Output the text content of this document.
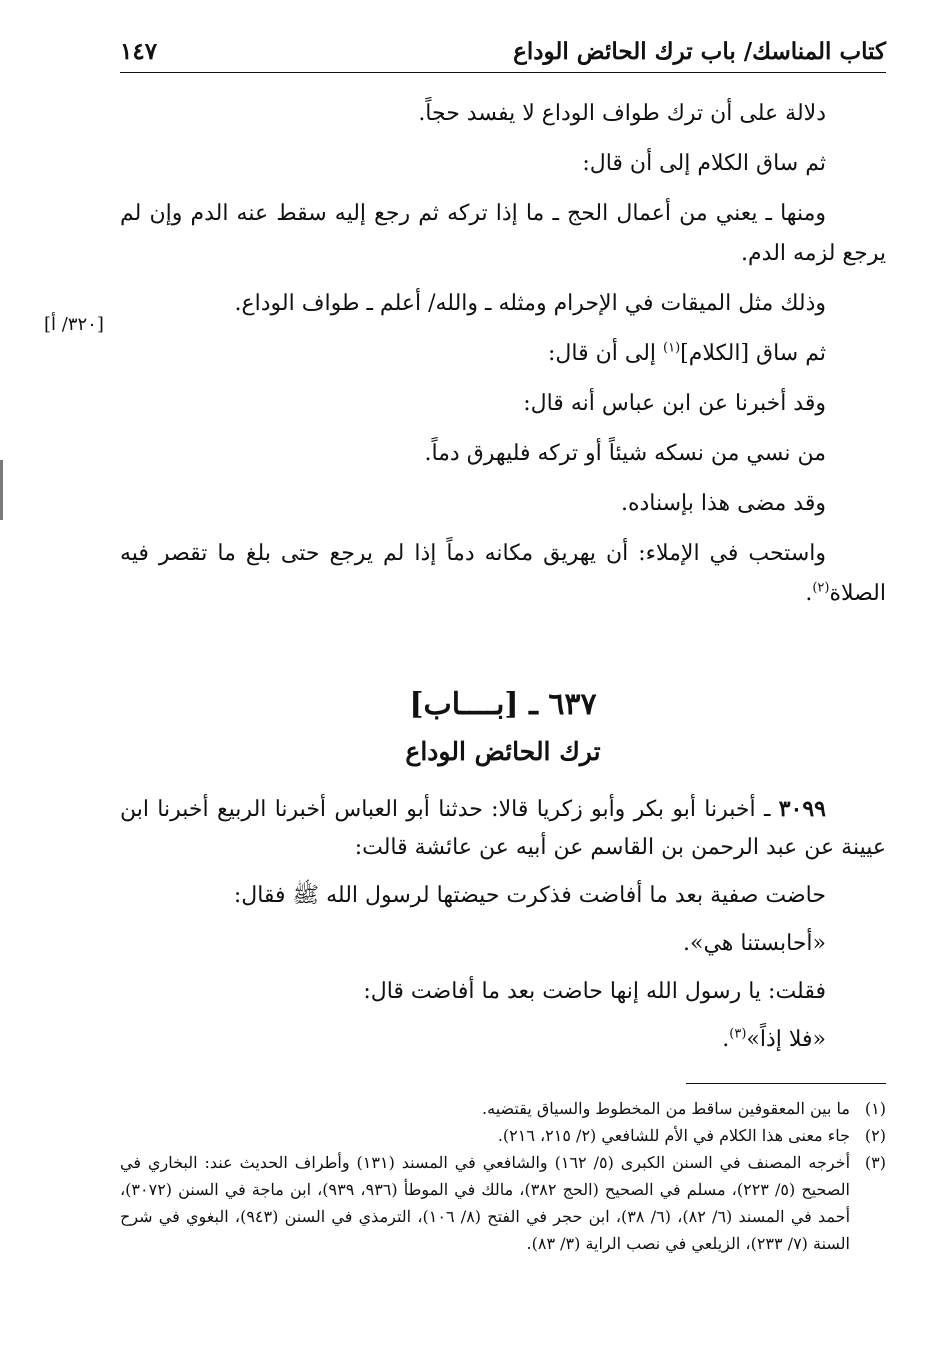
كتاب المناسك/ باب ترك الحائض الوداع
١٤٧
[٣٢٠/ أ]

دلالة على أن ترك طواف الوداع لا يفسد حجاً.

ثم ساق الكلام إلى أن قال:

ومنها ـ يعني من أعمال الحج ـ ما إذا تركه ثم رجع إليه سقط عنه الدم وإن لم يرجع لزمه الدم.

وذلك مثل الميقات في الإحرام ومثله ـ والله/ أعلم ـ طواف الوداع.

ثم ساق [الكلام]$^{(١)}$ إلى أن قال:

وقد أخبرنا عن ابن عباس أنه قال:

من نسي من نسكه شيئاً أو تركه فليهرق دماً.

وقد مضى هذا بإسناده.

واستحب في الإملاء: أن يهريق مكانه دماً إذا لم يرجع حتى بلغ ما تقصر فيه الصلاة$^{(٢)}$.

٦٣٧ ـ [بــــاب]
ترك الحائض الوداع

٣٠٩٩ ـ أخبرنا أبو بكر وأبو زكريا قالا: حدثنا أبو العباس أخبرنا الربيع أخبرنا ابن عيينة عن عبد الرحمن بن القاسم عن أبيه عن عائشة قالت:

حاضت صفية بعد ما أفاضت فذكرت حيضتها لرسول الله ﷺ فقال:

«أحابستنا هي».

فقلت: يا رسول الله إنها حاضت بعد ما أفاضت قال:

«فلا إذاً»$^{(٣)}$.

(١)
ما بين المعقوفين ساقط من المخطوط والسياق يقتضيه.
(٢)
جاء معنى هذا الكلام في الأم للشافعي (٢/ ٢١٥، ٢١٦).
(٣)
أخرجه المصنف في السنن الكبرى (٥/ ١٦٢) والشافعي في المسند (١٣١) وأطراف الحديث عند: البخاري في الصحيح (٥/ ٢٢٣)، مسلم في الصحيح (الحج ٣٨٢)، مالك في الموطأ (٩٣٦، ٩٣٩)، ابن ماجة في السنن (٣٠٧٢)، أحمد في المسند (٦/ ٨٢)، (٦/ ٣٨)، ابن حجر في الفتح (٨/ ١٠٦)، الترمذي في السنن (٩٤٣)، البغوي في شرح السنة (٧/ ٢٣٣)، الزيلعي في نصب الراية (٣/ ٨٣).
